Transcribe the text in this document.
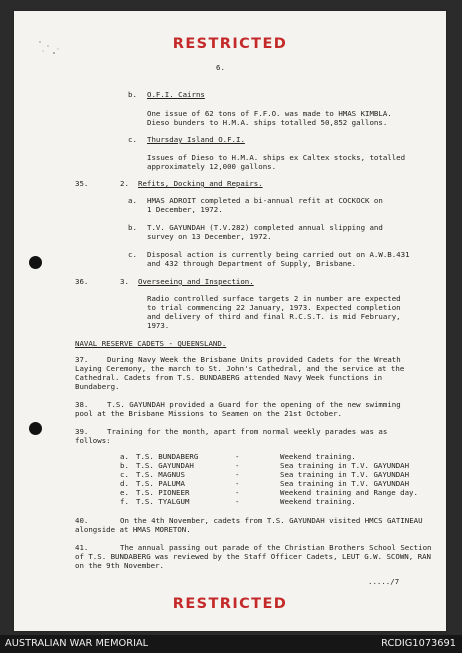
RESTRICTED
6.
b. O.F.I. Cairns
One issue of 62 tons of F.F.O. was made to HMAS KIMBLA.
Dieso bunders to H.M.A. ships totalled 50,852 gallons.
c. Thursday Island O.F.I.
Issues of Dieso to H.M.A. ships ex Caltex stocks, totalled
approximately 12,000 gallons.
35.	2. Refits, Docking and Repairs.
a. HMAS ADROIT completed a bi-annual refit at COCKOCK on
1 December, 1972.
b. T.V. GAYUNDAH (T.V.282) completed annual slipping and
survey on 13 December, 1972.
c. Disposal action is currently being carried out on A.W.B.431
and 432 through Department of Supply, Brisbane.
36.	3. Overseeing and Inspection.
Radio controlled surface targets 2 in number are expected
to trial commencing 22 January, 1973. Expected completion
and delivery of third and final R.C.S.T. is mid February,
1973.
NAVAL RESERVE CADETS - QUEENSLAND.
37.	During Navy Week the Brisbane Units provided Cadets for the Wreath
Laying Ceremony, the march to St. John's Cathedral, and the service at the
Cathedral. Cadets from T.S. BUNDABERG attended Navy Week functions in
Bundaberg.
38.	T.S. GAYUNDAH provided a Guard for the opening of the new swimming
pool at the Brisbane Missions to Seamen on the 21st October.
39.	Training for the month, apart from normal weekly parades was as
follows:
a. T.S. BUNDABERG	-	Weekend training.
b. T.S. GAYUNDAH	-	Sea training in T.V. GAYUNDAH
c. T.S. MAGNUS	-	Sea training in T.V. GAYUNDAH
d. T.S. PALUMA	-	Sea training in T.V. GAYUNDAH
e. T.S. PIONEER	-	Weekend training and Range day.
f. T.S. TYALGUM	-	Weekend training.
40.	On the 4th November, cadets from T.S. GAYUNDAH visited HMCS GATINEAU
alongside at HMAS MORETON.
41.	The annual passing out parade of the Christian Brothers School Section
of T.S. BUNDABERG was reviewed by the Staff Officer Cadets, LEUT G.W. SCOWN, RAN
on the 9th November.
...../7
RESTRICTED
AUSTRALIAN WAR MEMORIAL	RCDIG1073691
